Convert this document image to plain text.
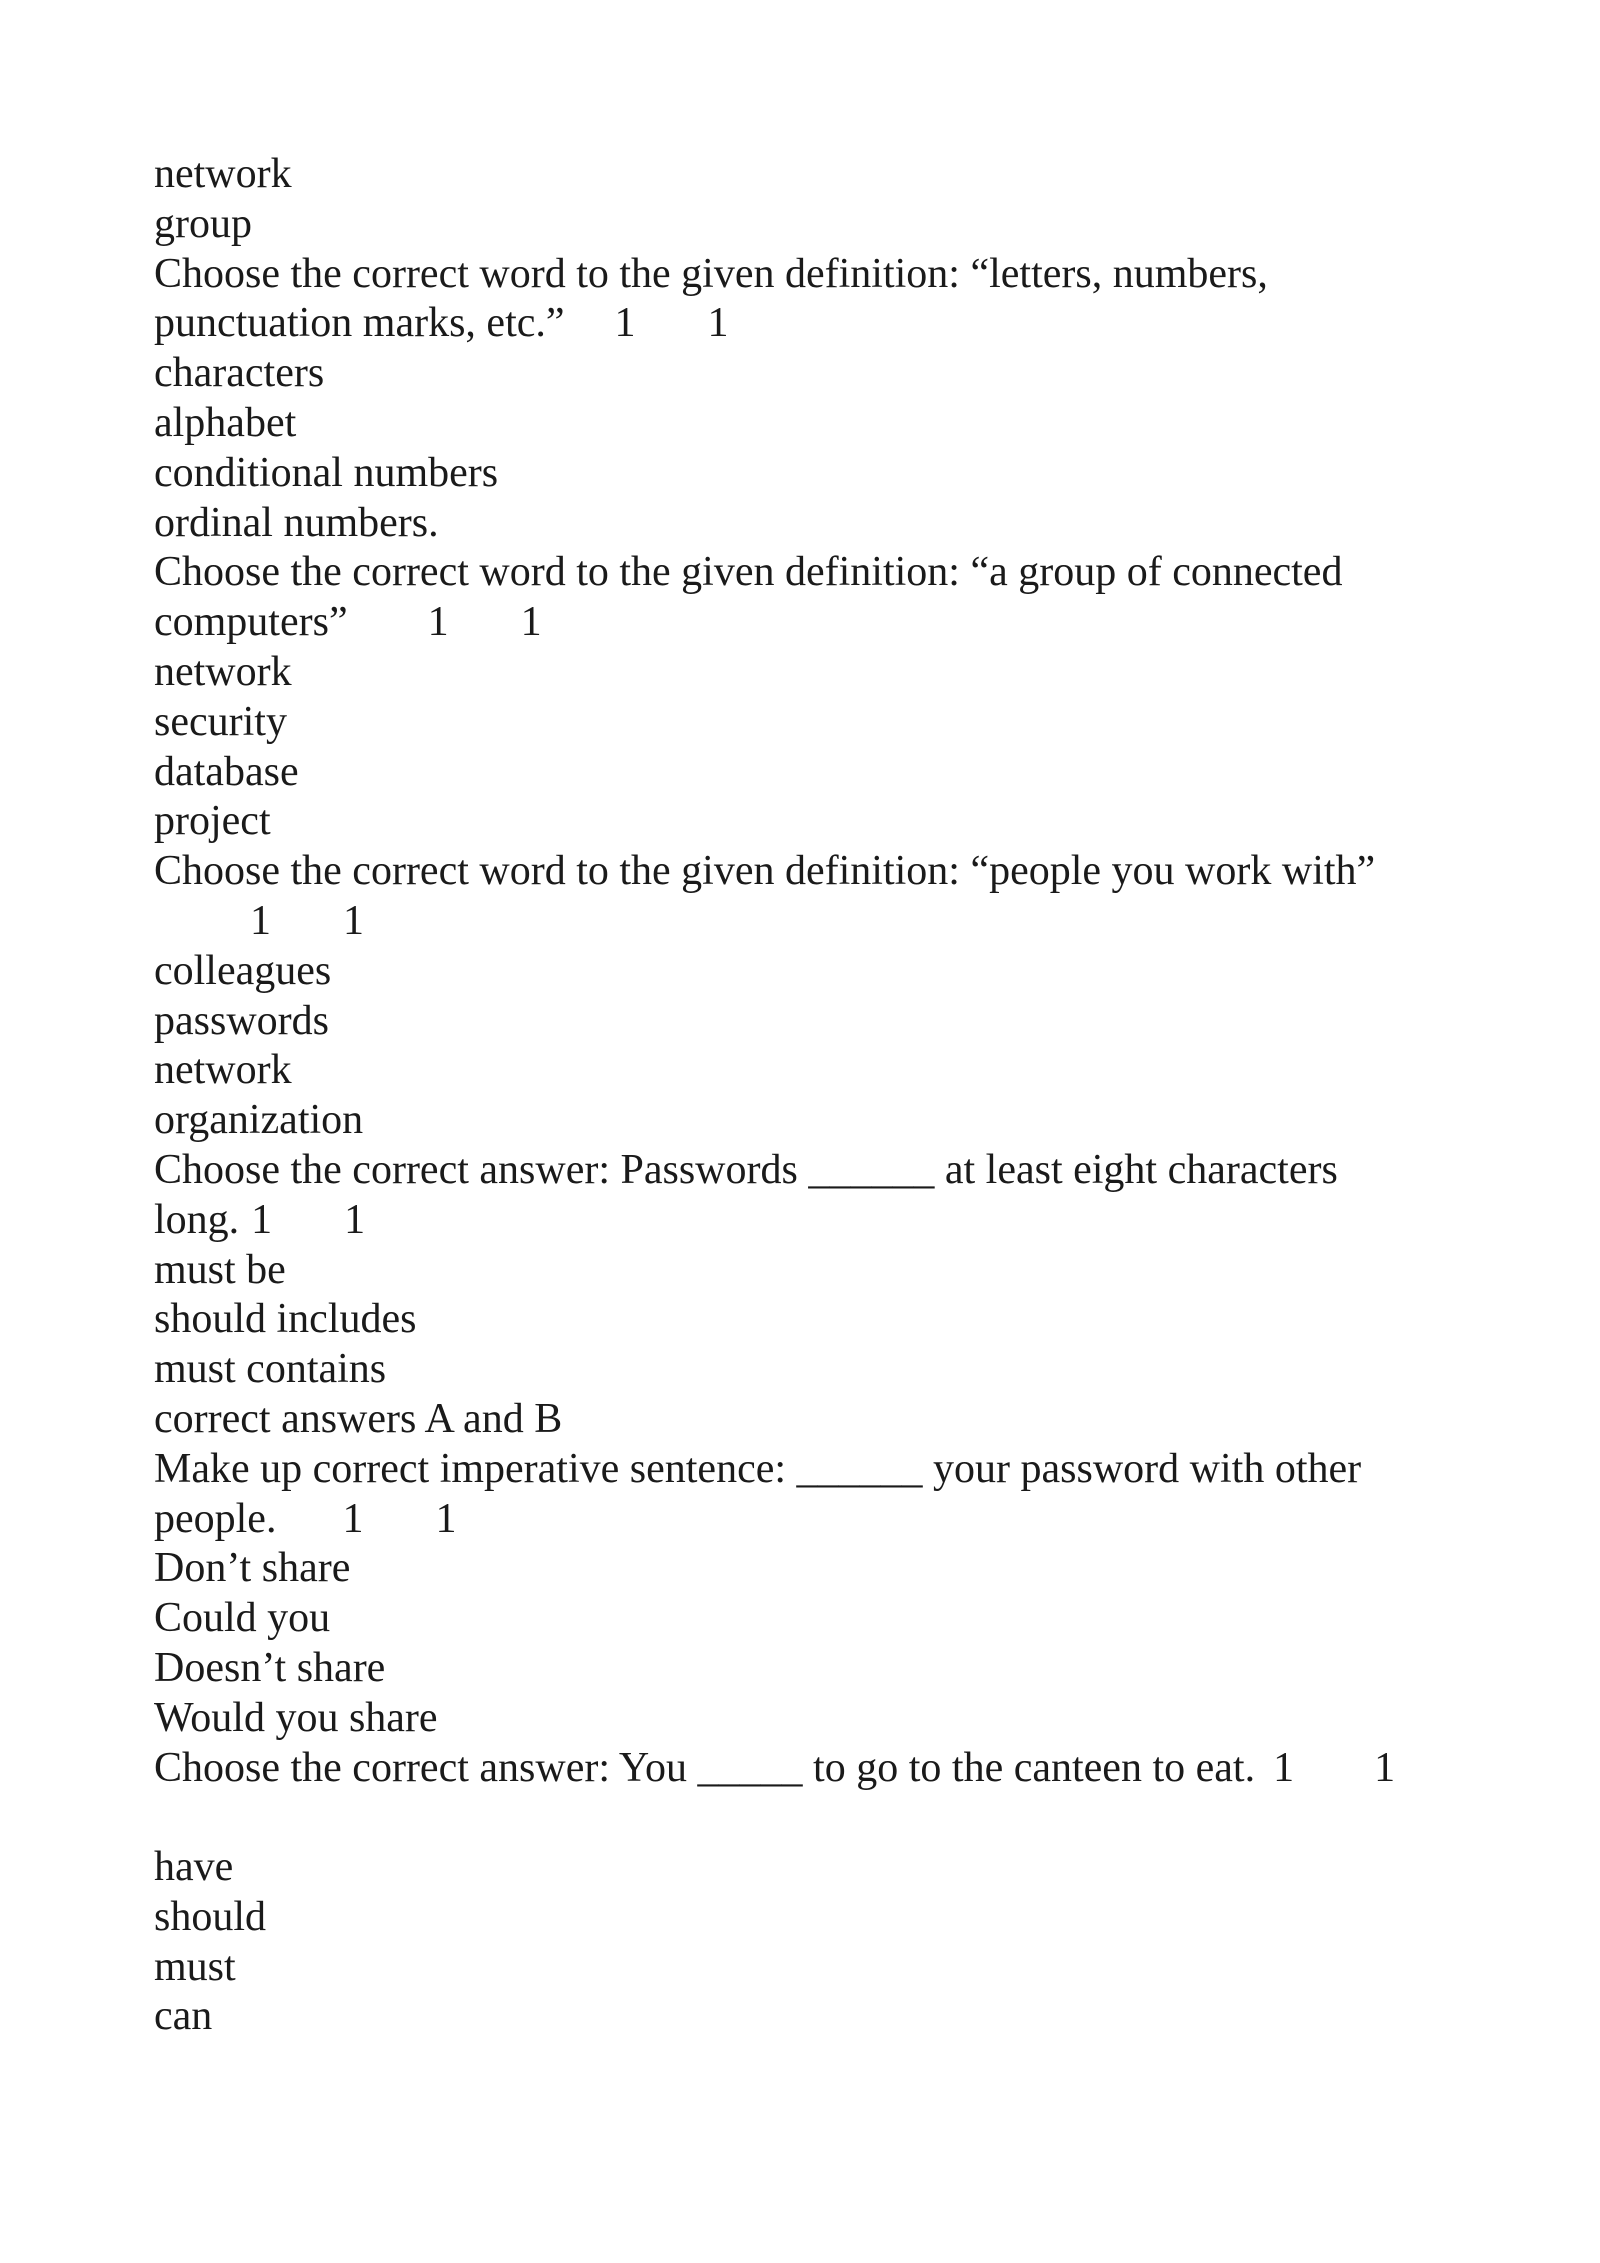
network
group
Choose the correct word to the given definition: “letters, numbers,
punctuation marks, etc.” 1 1
characters
alphabet
conditional numbers
ordinal numbers.
Choose the correct word to the given definition: “a group of connected
computers” 1 1
network
security
database
project
Choose the correct word to the given definition: “people you work with”
1 1
colleagues
passwords
network
organization
Choose the correct answer: Passwords ______ at least eight characters
long. 1 1
must be
should includes
must contains
correct answers A and B
Make up correct imperative sentence: ______ your password with other
people. 1 1
Don’t share
Could you
Doesn’t share
Would you share
Choose the correct answer: You _____ to go to the canteen to eat. 1 1
have
should
must
can
